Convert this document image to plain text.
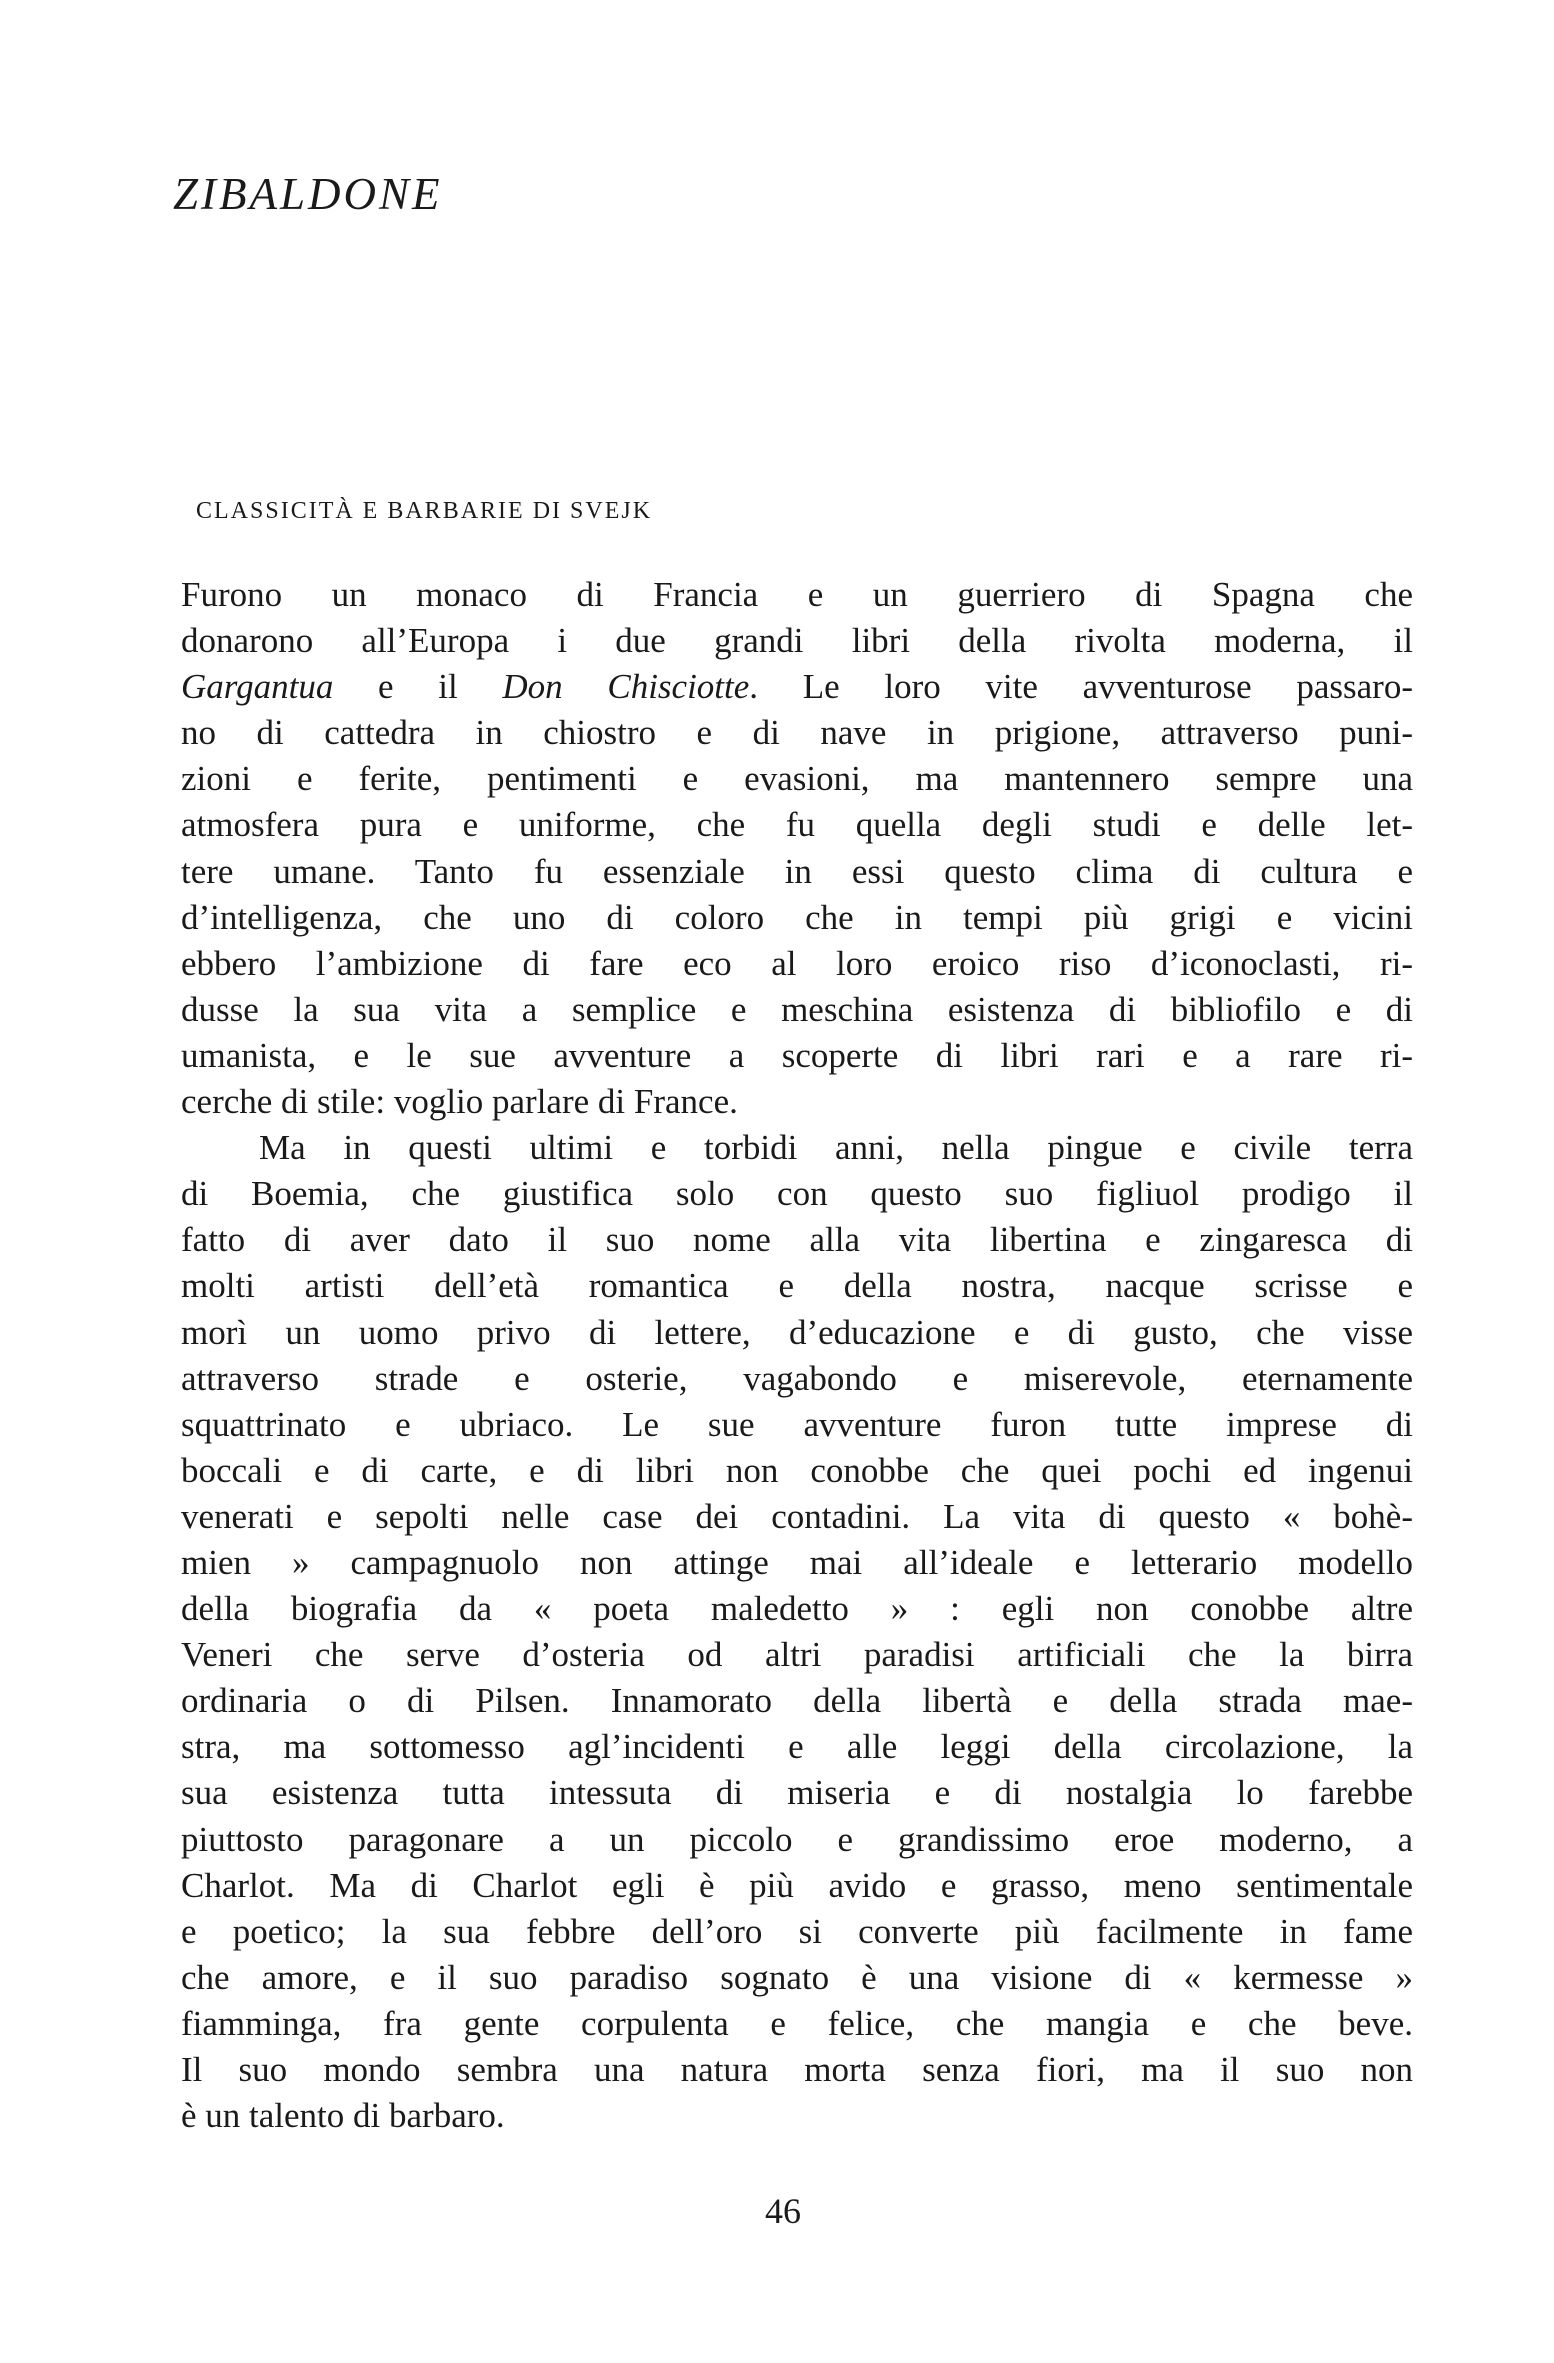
ZIBALDONE
CLASSICITÀ E BARBARIE DI SVEJK
Furono un monaco di Francia e un guerriero di Spagna che
donarono all’Europa i due grandi libri della rivolta moderna, il
Gargantua e il Don Chisciotte. Le loro vite avventurose passaro-
no di cattedra in chiostro e di nave in prigione, attraverso puni-
zioni e ferite, pentimenti e evasioni, ma mantennero sempre una
atmosfera pura e uniforme, che fu quella degli studi e delle let-
tere umane. Tanto fu essenziale in essi questo clima di cultura e
d’intelligenza, che uno di coloro che in tempi più grigi e vicini
ebbero l’ambizione di fare eco al loro eroico riso d’iconoclasti, ri-
dusse la sua vita a semplice e meschina esistenza di bibliofilo e di
umanista, e le sue avventure a scoperte di libri rari e a rare ri-
cerche di stile: voglio parlare di France.
Ma in questi ultimi e torbidi anni, nella pingue e civile terra
di Boemia, che giustifica solo con questo suo figliuol prodigo il
fatto di aver dato il suo nome alla vita libertina e zingaresca di
molti artisti dell’età romantica e della nostra, nacque scrisse e
morì un uomo privo di lettere, d’educazione e di gusto, che visse
attraverso strade e osterie, vagabondo e miserevole, eternamente
squattrinato e ubriaco. Le sue avventure furon tutte imprese di
boccali e di carte, e di libri non conobbe che quei pochi ed ingenui
venerati e sepolti nelle case dei contadini. La vita di questo « bohè-
mien » campagnuolo non attinge mai all’ideale e letterario modello
della biografia da « poeta maledetto » : egli non conobbe altre
Veneri che serve d’osteria od altri paradisi artificiali che la birra
ordinaria o di Pilsen. Innamorato della libertà e della strada mae-
stra, ma sottomesso agl’incidenti e alle leggi della circolazione, la
sua esistenza tutta intessuta di miseria e di nostalgia lo farebbe
piuttosto paragonare a un piccolo e grandissimo eroe moderno, a
Charlot. Ma di Charlot egli è più avido e grasso, meno sentimentale
e poetico; la sua febbre dell’oro si converte più facilmente in fame
che amore, e il suo paradiso sognato è una visione di « kermesse »
fiamminga, fra gente corpulenta e felice, che mangia e che beve.
Il suo mondo sembra una natura morta senza fiori, ma il suo non
è un talento di barbaro.

46
